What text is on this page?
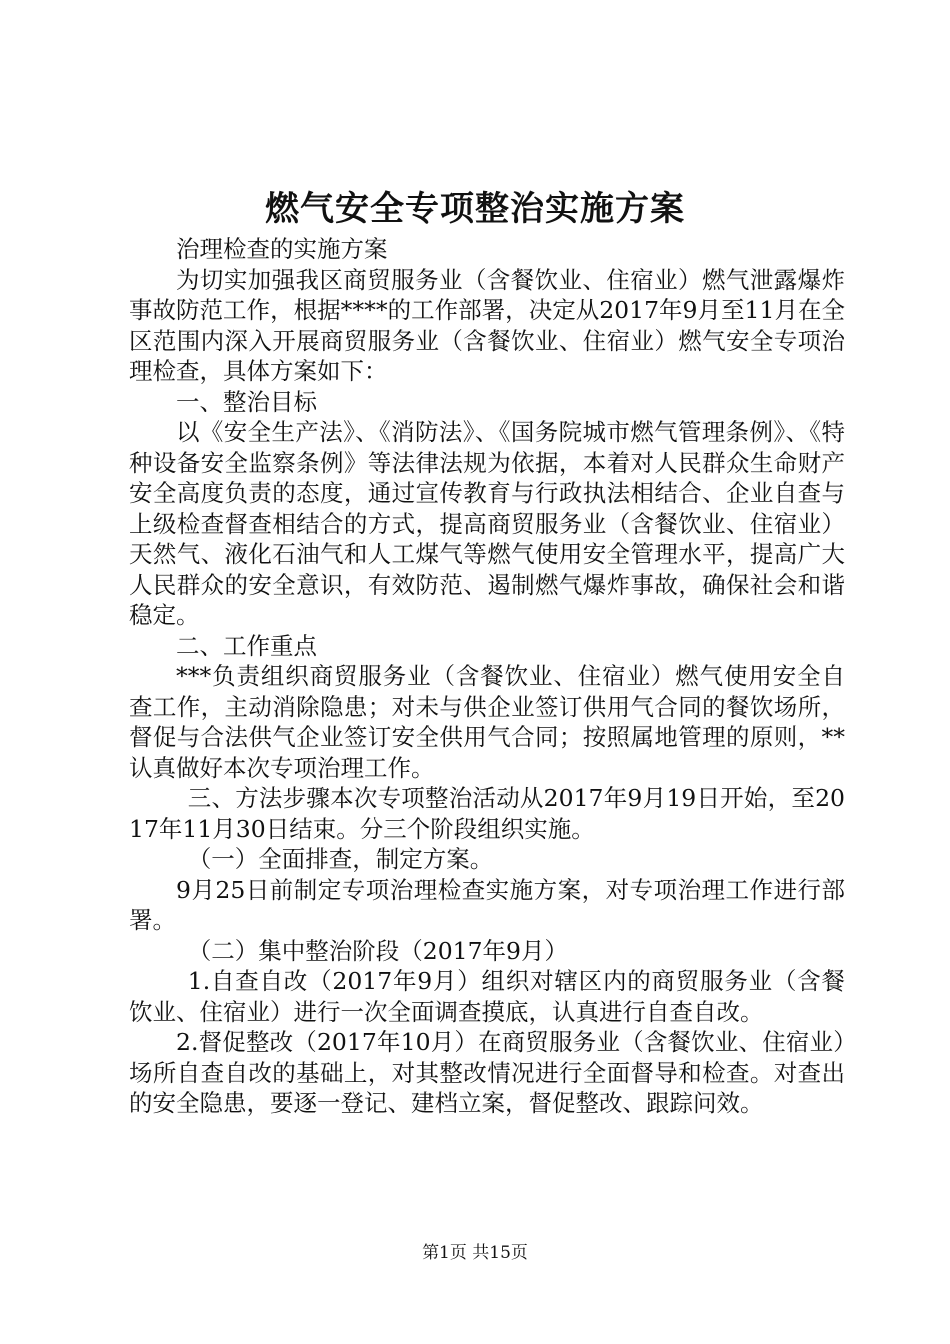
燃气安全专项整治实施方案

治理检查的实施方案

为切实加强我区商贸服务业（含餐饮业、住宿业）燃气泄露爆炸事故防范工作，根据****的工作部署，决定从2017年9月至11月在全区范围内深入开展商贸服务业（含餐饮业、住宿业）燃气安全专项治理检查，具体方案如下：

一、整治目标

以《安全生产法》、《消防法》、《国务院城市燃气管理条例》、《特种设备安全监察条例》等法律法规为依据，本着对人民群众生命财产安全高度负责的态度，通过宣传教育与行政执法相结合、企业自查与上级检查督查相结合的方式，提高商贸服务业（含餐饮业、住宿业）天然气、液化石油气和人工煤气等燃气使用安全管理水平，提高广大人民群众的安全意识，有效防范、遏制燃气爆炸事故，确保社会和谐稳定。

二、工作重点

***负责组织商贸服务业（含餐饮业、住宿业）燃气使用安全自查工作，主动消除隐患；对未与供企业签订供用气合同的餐饮场所，督促与合法供气企业签订安全供用气合同；按照属地管理的原则，**认真做好本次专项治理工作。

三、方法步骤本次专项整治活动从2017年9月19日开始，至2017年11月30日结束。分三个阶段组织实施。

（一）全面排查，制定方案。

9月25日前制定专项治理检查实施方案，对专项治理工作进行部署。

（二）集中整治阶段（2017年9月）

1.自查自改（2017年9月）组织对辖区内的商贸服务业（含餐饮业、住宿业）进行一次全面调查摸底，认真进行自查自改。

2.督促整改（2017年10月）在商贸服务业（含餐饮业、住宿业）场所自查自改的基础上，对其整改情况进行全面督导和检查。对查出的安全隐患，要逐一登记、建档立案，督促整改、跟踪问效。

第1页 共15页
